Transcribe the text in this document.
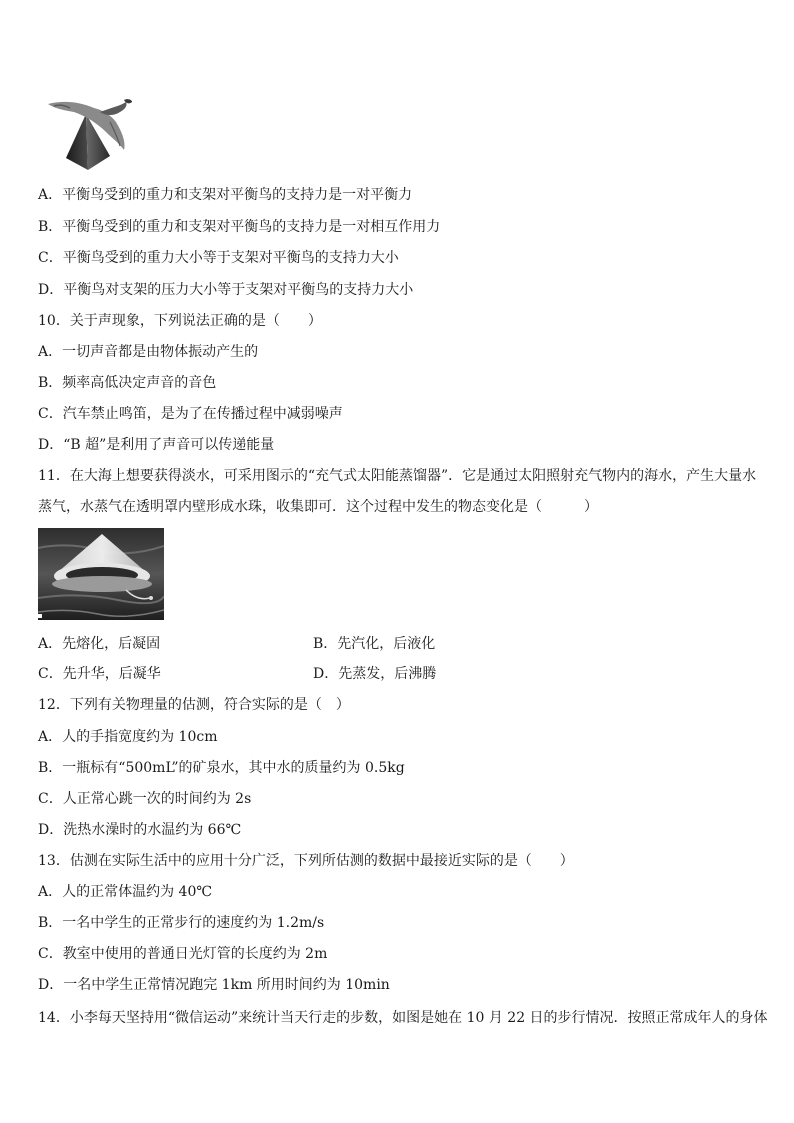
A．平衡鸟受到的重力和支架对平衡鸟的支持力是一对平衡力
B．平衡鸟受到的重力和支架对平衡鸟的支持力是一对相互作用力
C．平衡鸟受到的重力大小等于支架对平衡鸟的支持力大小
D．平衡鸟对支架的压力大小等于支架对平衡鸟的支持力大小
10．关于声现象，下列说法正确的是（　　）
A．一切声音都是由物体振动产生的
B．频率高低决定声音的音色
C．汽车禁止鸣笛，是为了在传播过程中减弱噪声
D．“B 超”是利用了声音可以传递能量
11．在大海上想要获得淡水，可采用图示的“充气式太阳能蒸馏器”．它是通过太阳照射充气物内的海水，产生大量水
蒸气，水蒸气在透明罩内壁形成水珠，收集即可．这个过程中发生的物态变化是（　　　）
A．先熔化，后凝固	B．先汽化，后液化
C．先升华，后凝华	D．先蒸发，后沸腾
12．下列有关物理量的估测，符合实际的是（　）
A．人的手指宽度约为 10cm
B．一瓶标有“500mL”的矿泉水，其中水的质量约为 0.5kg
C．人正常心跳一次的时间约为 2s
D．洗热水澡时的水温约为 66℃
13．估测在实际生活中的应用十分广泛，下列所估测的数据中最接近实际的是（　　）
A．人的正常体温约为 40℃
B．一名中学生的正常步行的速度约为 1.2m/s
C．教室中使用的普通日光灯管的长度约为 2m
D．一名中学生正常情况跑完 1km 所用时间约为 10min
14．小李每天坚持用“微信运动”来统计当天行走的步数，如图是她在 10 月 22 日的步行情况．按照正常成年人的身体
